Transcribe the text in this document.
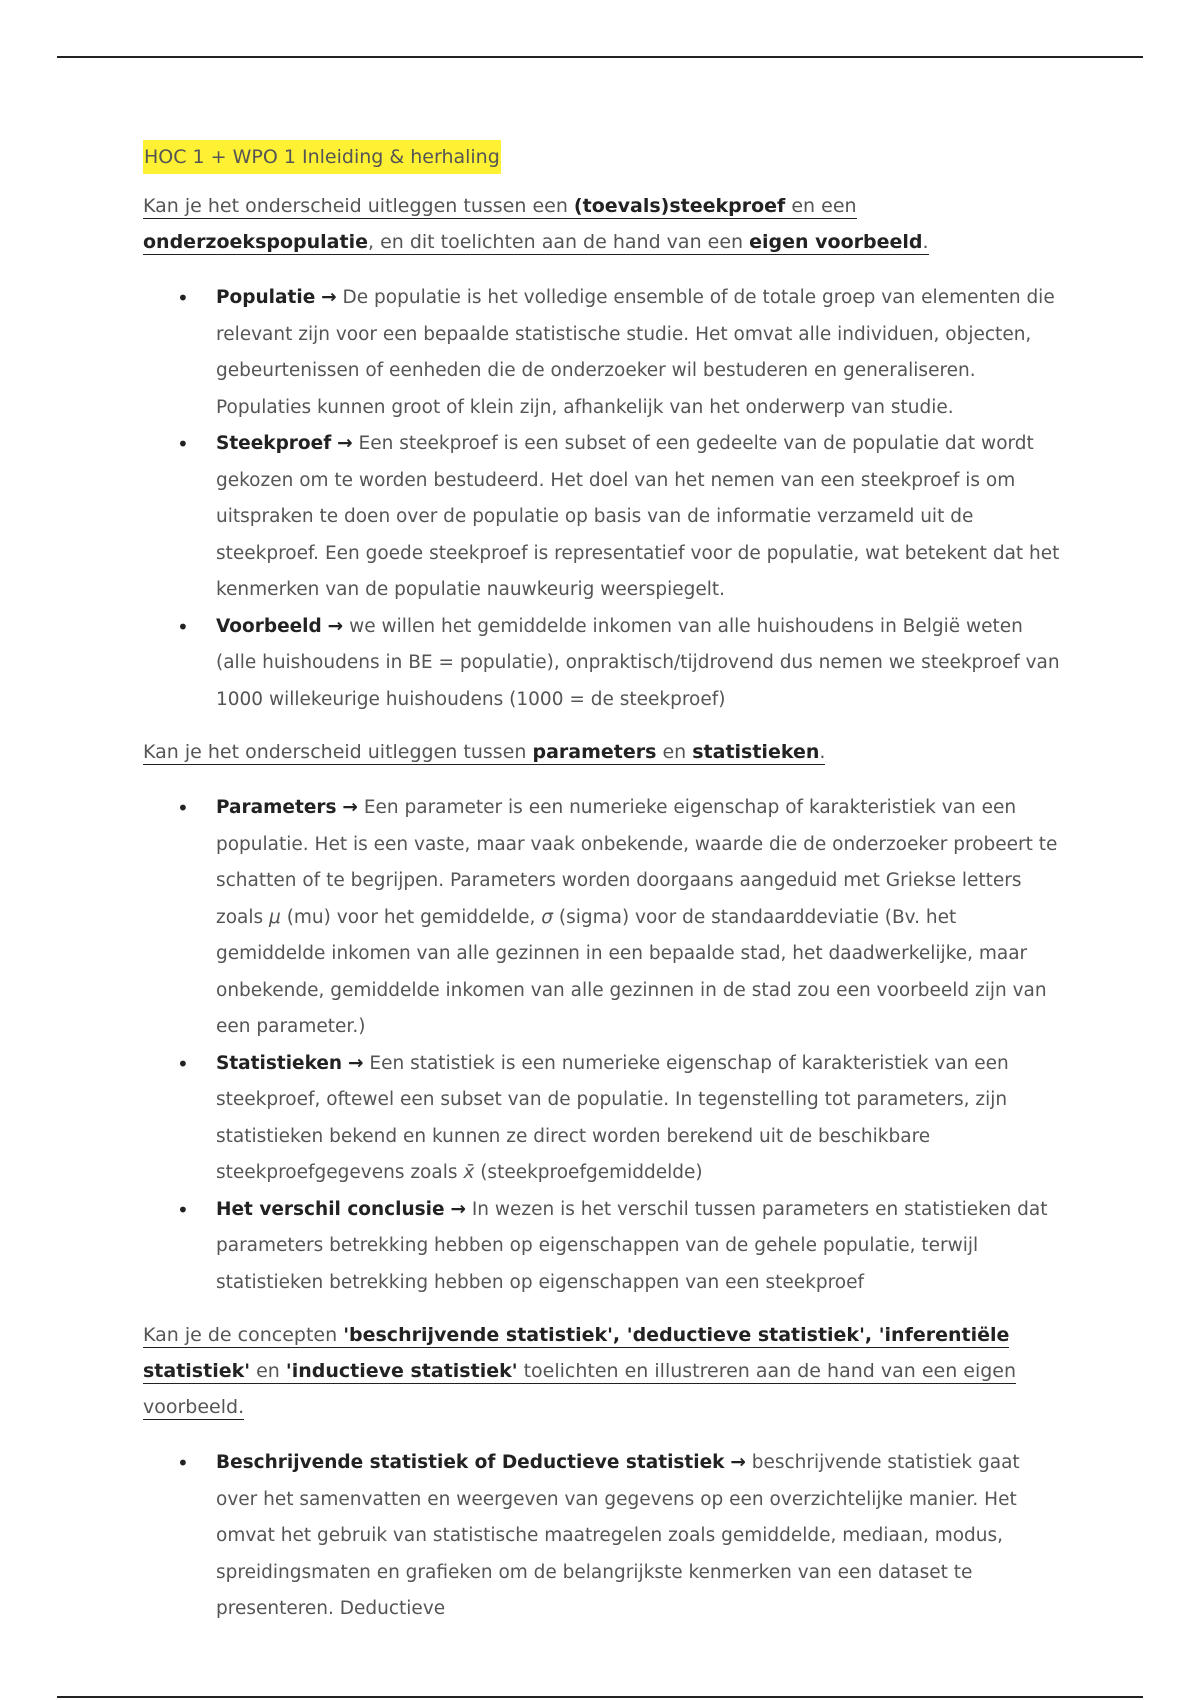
HOC 1 + WPO 1 Inleiding & herhaling

Kan je het onderscheid uitleggen tussen een (toevals)steekproef en een onderzoekspopulatie, en dit toelichten aan de hand van een eigen voorbeeld.

• Populatie → De populatie is het volledige ensemble of de totale groep van elementen die relevant zijn voor een bepaalde statistische studie. Het omvat alle individuen, objecten, gebeurtenissen of eenheden die de onderzoeker wil bestuderen en generaliseren. Populaties kunnen groot of klein zijn, afhankelijk van het onderwerp van studie.
• Steekproef → Een steekproef is een subset of een gedeelte van de populatie dat wordt gekozen om te worden bestudeerd. Het doel van het nemen van een steekproef is om uitspraken te doen over de populatie op basis van de informatie verzameld uit de steekproef. Een goede steekproef is representatief voor de populatie, wat betekent dat het kenmerken van de populatie nauwkeurig weerspiegelt.
• Voorbeeld → we willen het gemiddelde inkomen van alle huishoudens in België weten (alle huishoudens in BE = populatie), onpraktisch/tijdrovend dus nemen we steekproef van 1000 willekeurige huishoudens (1000 = de steekproef)

Kan je het onderscheid uitleggen tussen parameters en statistieken.

• Parameters → Een parameter is een numerieke eigenschap of karakteristiek van een populatie. Het is een vaste, maar vaak onbekende, waarde die de onderzoeker probeert te schatten of te begrijpen. Parameters worden doorgaans aangeduid met Griekse letters zoals μ (mu) voor het gemiddelde, σ (sigma) voor de standaarddeviatie (Bv. het gemiddelde inkomen van alle gezinnen in een bepaalde stad, het daadwerkelijke, maar onbekende, gemiddelde inkomen van alle gezinnen in de stad zou een voorbeeld zijn van een parameter.)
• Statistieken → Een statistiek is een numerieke eigenschap of karakteristiek van een steekproef, oftewel een subset van de populatie. In tegenstelling tot parameters, zijn statistieken bekend en kunnen ze direct worden berekend uit de beschikbare steekproefgegevens zoals x̄ (steekproefgemiddelde)
• Het verschil conclusie → In wezen is het verschil tussen parameters en statistieken dat parameters betrekking hebben op eigenschappen van de gehele populatie, terwijl statistieken betrekking hebben op eigenschappen van een steekproef

Kan je de concepten 'beschrijvende statistiek', 'deductieve statistiek', 'inferentiële statistiek' en 'inductieve statistiek' toelichten en illustreren aan de hand van een eigen voorbeeld.

• Beschrijvende statistiek of Deductieve statistiek → beschrijvende statistiek gaat over het samenvatten en weergeven van gegevens op een overzichtelijke manier. Het omvat het gebruik van statistische maatregelen zoals gemiddelde, mediaan, modus, spreidingsmaten en grafieken om de belangrijkste kenmerken van een dataset te presenteren. Deductieve
